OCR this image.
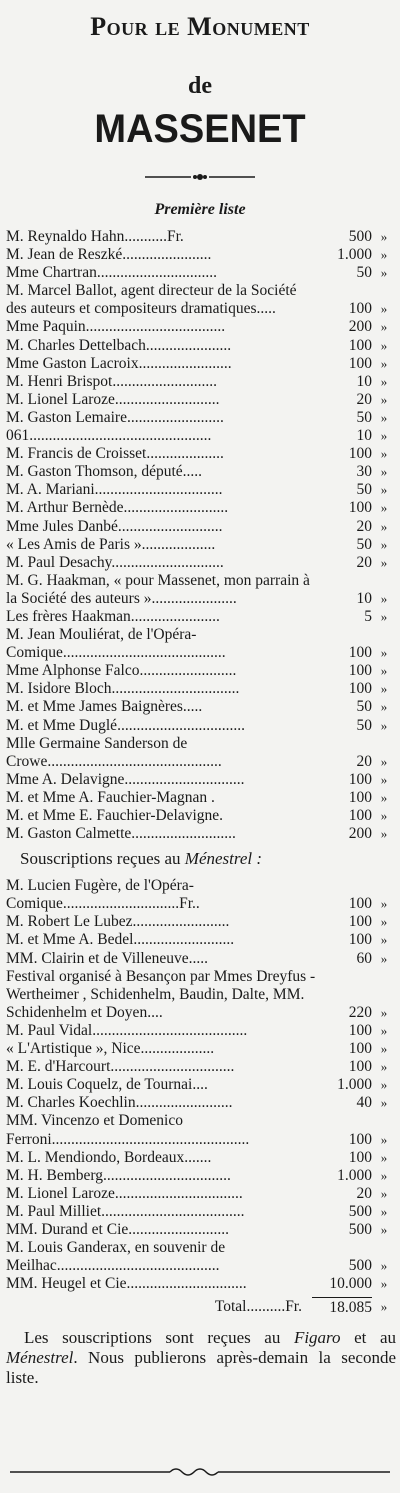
Pour le Monument
de
MASSENET
Première liste
M. Reynaldo Hahn...........Fr.	500 »
M. Jean de Reszké.......................	1.000 »
Mme Chartran...............................	50 »
M. Marcel Ballot, agent directeur de la Société des auteurs et compositeurs dramatiques.....	100 »
Mme Paquin....................................	200 »
M. Charles Dettelbach......................	100 »
Mme Gaston Lacroix........................	100 »
M. Henri Brispot...........................	10 »
M. Lionel Laroze...........................	20 »
M. Gaston Lemaire.........................	50 »
061...............................................	10 »
M. Francis de Croisset....................	100 »
M. Gaston Thomson, député.....	30 »
M. A. Mariani.................................	50 »
M. Arthur Bernède...........................	100 »
Mme Jules Danbé...........................	20 »
« Les Amis de Paris »...................	50 »
M. Paul Desachy.............................	20 »
M. G. Haakman, « pour Massenet, mon parrain à la Société des auteurs »......................	10 »
Les frères Haakman.......................	5 »
M. Jean Mouliérat, de l'Opéra-Comique..........................................	100 »
Mme Alphonse Falco.........................	100 »
M. Isidore Bloch.................................	100 »
M. et Mme James Baignères.....	50 »
M. et Mme Duglé.................................	50 »
Mlle Germaine Sanderson de Crowe.............................................	20 »
Mme A. Delavigne...............................	100 »
M. et Mme A. Fauchier-Magnan .	100 »
M. et Mme E. Fauchier-Delavigne.	100 »
M. Gaston Calmette...........................	200 »
Souscriptions reçues au Ménestrel :
M. Lucien Fugère, de l'Opéra-Comique..............................Fr..	100 »
M. Robert Le Lubez.........................	100 »
M. et Mme A. Bedel..........................	100 »
MM. Clairin et de Villeneuve.....	60 »
Festival organisé à Besançon par Mmes Dreyfus - Wertheimer , Schidenhelm, Baudin, Dalte, MM. Schidenhelm et Doyen....	220 »
M. Paul Vidal........................................	100 »
« L'Artistique », Nice...................	100 »
M. E. d'Harcourt................................	100 »
M. Louis Coquelz, de Tournai....	1.000 »
M. Charles Koechlin.........................	40 »
MM. Vincenzo et Domenico Ferroni...................................................	100 »
M. L. Mendiondo, Bordeaux.......	100 »
M. H. Bemberg.................................	1.000 »
M. Lionel Laroze.................................	20 »
M. Paul Milliet.....................................	500 »
MM. Durand et Cie..........................	500 »
M. Louis Ganderax, en souvenir de Meilhac..........................................	500 »
MM. Heugel et Cie...............................	10.000 »
Total..........Fr.	18.085 »
Les souscriptions sont reçues au Figaro et au Ménestrel. Nous publierons après-demain la seconde liste.
